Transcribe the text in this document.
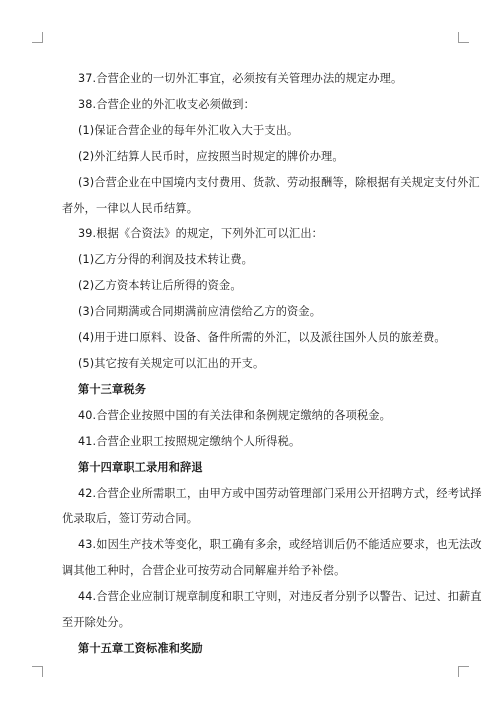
37.合营企业的一切外汇事宜，必须按有关管理办法的规定办理。
38.合营企业的外汇收支必须做到：
(1)保证合营企业的每年外汇收入大于支出。
(2)外汇结算人民币时，应按照当时规定的牌价办理。
(3)合营企业在中国境内支付费用、货款、劳动报酬等，除根据有关规定支付外汇
者外，一律以人民币结算。
39.根据《合资法》的规定，下列外汇可以汇出：
(1)乙方分得的利润及技术转让费。
(2)乙方资本转让后所得的资金。
(3)合同期满或合同期满前应清偿给乙方的资金。
(4)用于进口原料、设备、备件所需的外汇，以及派往国外人员的旅差费。
(5)其它按有关规定可以汇出的开支。
第十三章税务
40.合营企业按照中国的有关法律和条例规定缴纳的各项税金。
41.合营企业职工按照规定缴纳个人所得税。
第十四章职工录用和辞退
42.合营企业所需职工，由甲方或中国劳动管理部门采用公开招聘方式，经考试择
优录取后，签订劳动合同。
43.如因生产技术等变化，职工确有多余，或经培训后仍不能适应要求，也无法改
调其他工种时，合营企业可按劳动合同解雇并给予补偿。
44.合营企业应制订规章制度和职工守则，对违反者分别予以警告、记过、扣薪直
至开除处分。
第十五章工资标准和奖励
